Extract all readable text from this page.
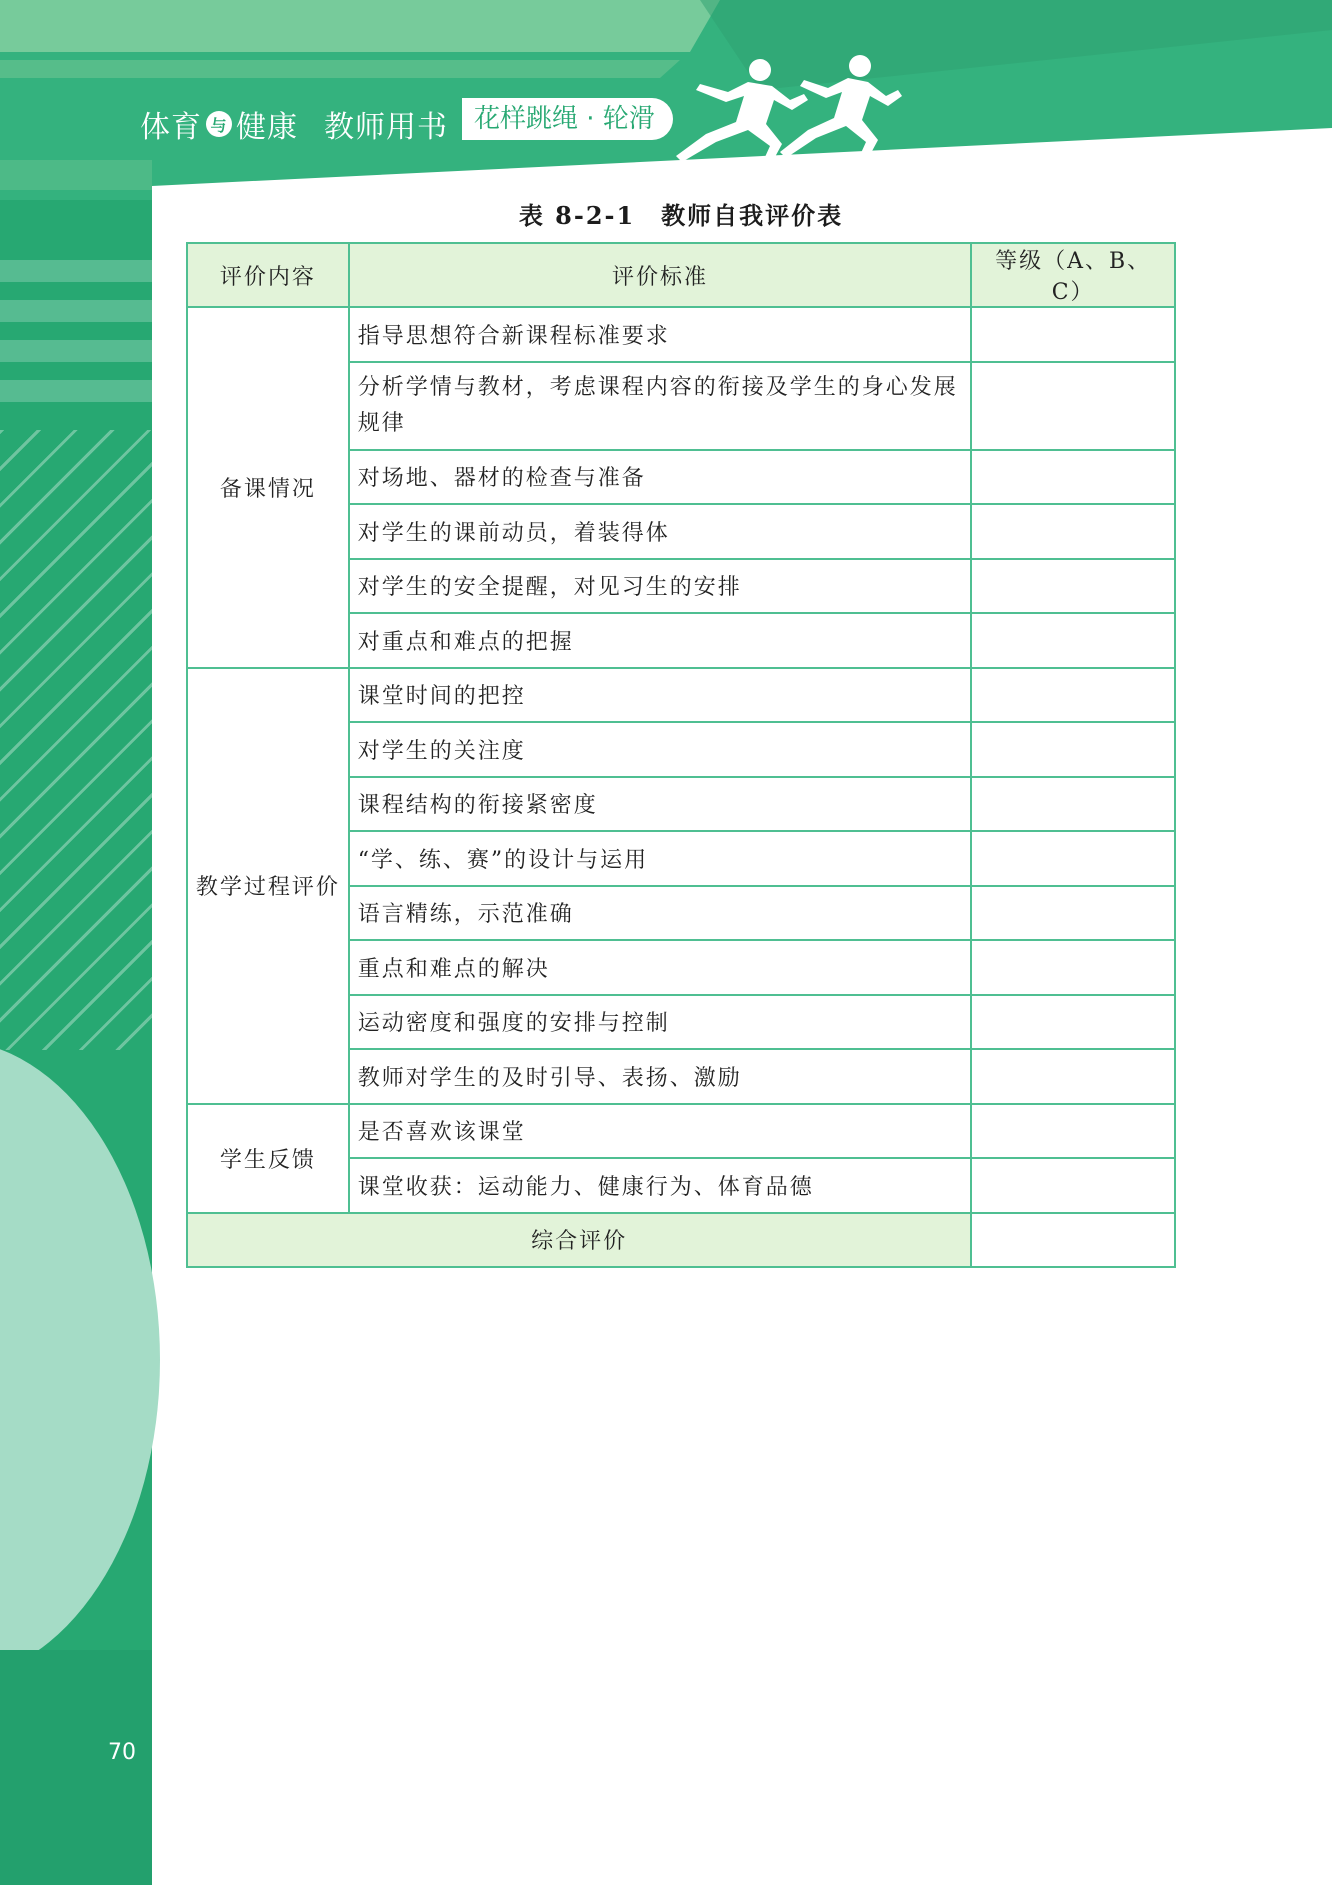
体育 与 健康 教师用书	花样跳绳 · 轮滑
70
表 8-2-1　教师自我评价表
评价内容	评价标准	等级（A、B、C）
备课情况	指导思想符合新课程标准要求	
	分析学情与教材，考虑课程内容的衔接及学生的身心发展规律	
	对场地、器材的检查与准备	
	对学生的课前动员，着装得体	
	对学生的安全提醒，对见习生的安排	
	对重点和难点的把握	
教学过程评价	课堂时间的把控	
	对学生的关注度	
	课程结构的衔接紧密度	
	“学、练、赛”的设计与运用	
	语言精练，示范准确	
	重点和难点的解决	
	运动密度和强度的安排与控制	
	教师对学生的及时引导、表扬、激励	
学生反馈	是否喜欢该课堂	
	课堂收获：运动能力、健康行为、体育品德	
综合评价		
